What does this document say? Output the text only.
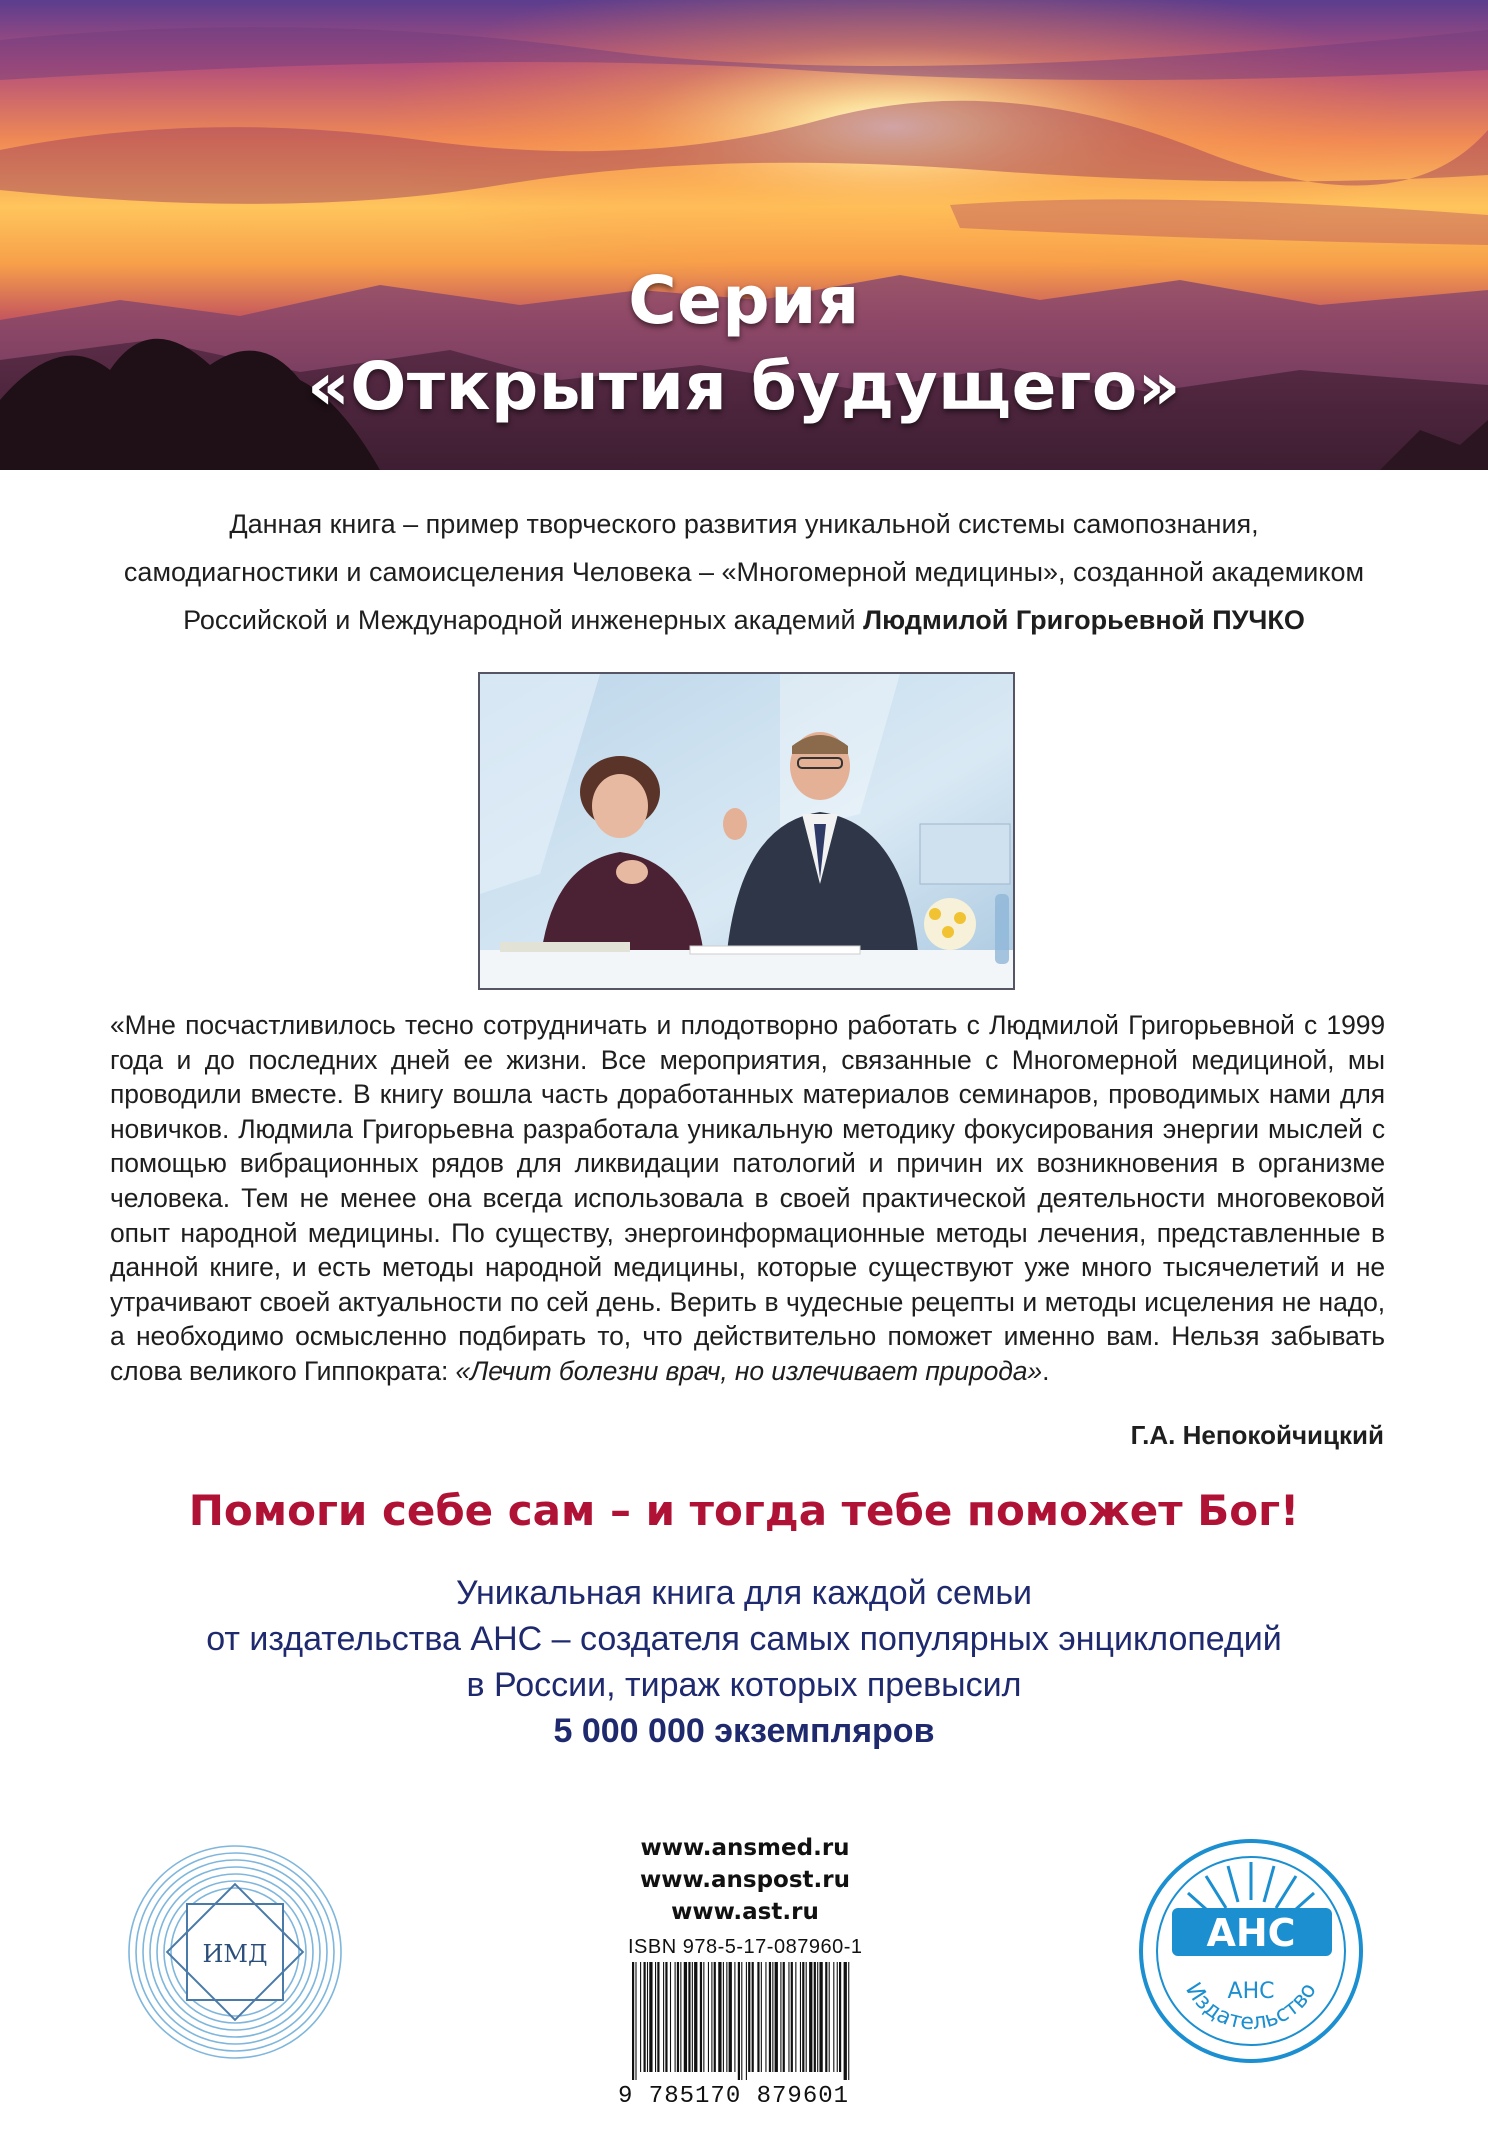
Серия
«Открытия будущего»
Данная книга – пример творческого развития уникальной системы самопознания,
самодиагностики и самоисцеления Человека – «Многомерной медицины», созданной академиком
Российской и Международной инженерных академий Людмилой Григорьевной ПУЧКО
«Мне посчастливилось тесно сотрудничать и плодотворно работать с Людмилой Григорьевной с 1999 года и до последних дней ее жизни. Все мероприятия, связанные с Многомерной медициной, мы проводили вместе. В книгу вошла часть доработанных материалов семинаров, проводимых нами для новичков. Людмила Григорьевна разработала уникальную методику фокусирования энергии мыслей с помощью вибрационных рядов для ликвидации патологий и причин их возникновения в организме человека. Тем не менее она всегда использовала в своей практической деятельности многовековой опыт народной медицины. По существу, энергоинформационные методы лечения, представленные в данной книге, и есть методы народной медицины, которые существуют уже много тысячелетий и не утрачивают своей актуальности по сей день. Верить в чудесные рецепты и методы исцеления не надо, а необходимо осмысленно подбирать то, что действительно поможет именно вам. Нельзя забывать слова великого Гиппократа: «Лечит болезни врач, но излечивает природа».
Г.А. Непокойчицкий
Помоги себе сам – и тогда тебе поможет Бог!
Уникальная книга для каждой семьи
от издательства АНС – создателя самых популярных энциклопедий
в России, тираж которых превысил
5 000 000 экземпляров
ИМД
www.ansmed.ru
www.anspost.ru
www.ast.ru
ISBN 978-5-17-087960-1
9 785170 879601
АНС
Издательство
АНС
